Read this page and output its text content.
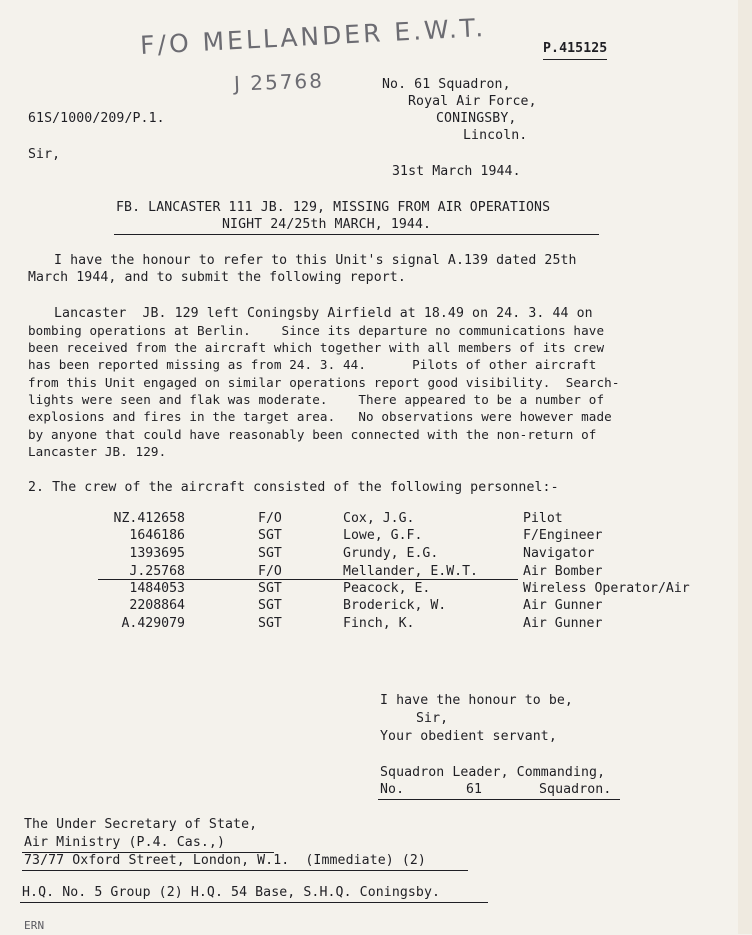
F/O MELLANDER E.W.T.
J 25768
P.415125
No. 61 Squadron,
Royal Air Force,
CONINGSBY,
Lincoln.
61S/1000/209/P.1.
Sir,
31st March 1944.
FB. LANCASTER 111 JB. 129, MISSING FROM AIR OPERATIONS
NIGHT 24/25th MARCH, 1944.
I have the honour to refer to this Unit's signal A.139 dated 25th
March 1944, and to submit the following report.
Lancaster  JB. 129 left Coningsby Airfield at 18.49 on 24. 3. 44 on
bombing operations at Berlin.    Since its departure no communications have
been received from the aircraft which together with all members of its crew
has been reported missing as from 24. 3. 44.      Pilots of other aircraft
from this Unit engaged on similar operations report good visibility.  Search-
lights were seen and flak was moderate.    There appeared to be a number of
explosions and fires in the target area.   No observations were however made
by anyone that could have reasonably been connected with the non-return of
Lancaster JB. 129.
2. The crew of the aircraft consisted of the following personnel:-
NZ.412658	F/O	Cox, J.G.	Pilot
1646186	SGT	Lowe, G.F.	F/Engineer
1393695	SGT	Grundy, E.G.	Navigator
J.25768	F/O	Mellander, E.W.T.	Air Bomber
1484053	SGT	Peacock, E.	Wireless Operator/Air
2208864	SGT	Broderick, W.	Air Gunner
A.429079	SGT	Finch, K.	Air Gunner
I have the honour to be,
Sir,
Your obedient servant,
Squadron Leader, Commanding,
No.	61	Squadron.
The Under Secretary of State,
Air Ministry (P.4. Cas.,)
73/77 Oxford Street, London, W.1.  (Immediate) (2)
H.Q. No. 5 Group (2) H.Q. 54 Base, S.H.Q. Coningsby.
ERN
